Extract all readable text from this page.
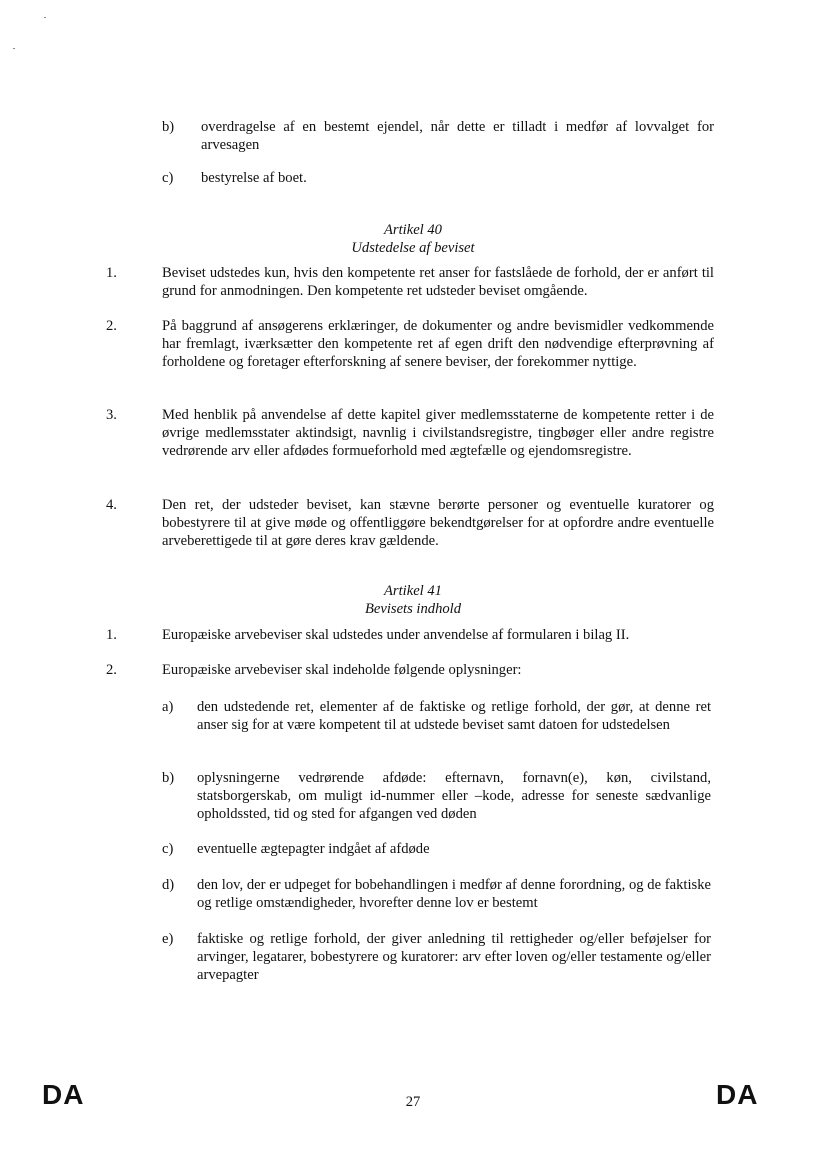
b) overdragelse af en bestemt ejendel, når dette er tilladt i medfør af lovvalget for arvesagen
c) bestyrelse af boet.
Artikel 40
Udstedelse af beviset
1.	Beviset udstedes kun, hvis den kompetente ret anser for fastslåede de forhold, der er anført til grund for anmodningen. Den kompetente ret udsteder beviset omgående.
2.	På baggrund af ansøgerens erklæringer, de dokumenter og andre bevismidler vedkommende har fremlagt, iværksætter den kompetente ret af egen drift den nødvendige efterprøvning af forholdene og foretager efterforskning af senere beviser, der forekommer nyttige.
3.	Med henblik på anvendelse af dette kapitel giver medlemsstaterne de kompetente retter i de øvrige medlemsstater aktindsigt, navnlig i civilstandsregistre, tingbøger eller andre registre vedrørende arv eller afdødes formueforhold med ægtefælle og ejendomsregistre.
4.	Den ret, der udsteder beviset, kan stævne berørte personer og eventuelle kuratorer og bobestyrere til at give møde og offentliggøre bekendtgørelser for at opfordre andre eventuelle arveberettigede til at gøre deres krav gældende.
Artikel 41
Bevisets indhold
1.	Europæiske arvebeviser skal udstedes under anvendelse af formularen i bilag II.
2.	Europæiske arvebeviser skal indeholde følgende oplysninger:
a) den udstedende ret, elementer af de faktiske og retlige forhold, der gør, at denne ret anser sig for at være kompetent til at udstede beviset samt datoen for udstedelsen
b) oplysningerne vedrørende afdøde: efternavn, fornavn(e), køn, civilstand, statsborgerskab, om muligt id-nummer eller –kode, adresse for seneste sædvanlige opholdssted, tid og sted for afgangen ved døden
c) eventuelle ægtepagter indgået af afdøde
d) den lov, der er udpeget for bobehandlingen i medfør af denne forordning, og de faktiske og retlige omstændigheder, hvorefter denne lov er bestemt
e) faktiske og retlige forhold, der giver anledning til rettigheder og/eller beføjelser for arvinger, legatarer, bobestyrere og kuratorer: arv efter loven og/eller testamente og/eller arvepagter
DA	27	DA
